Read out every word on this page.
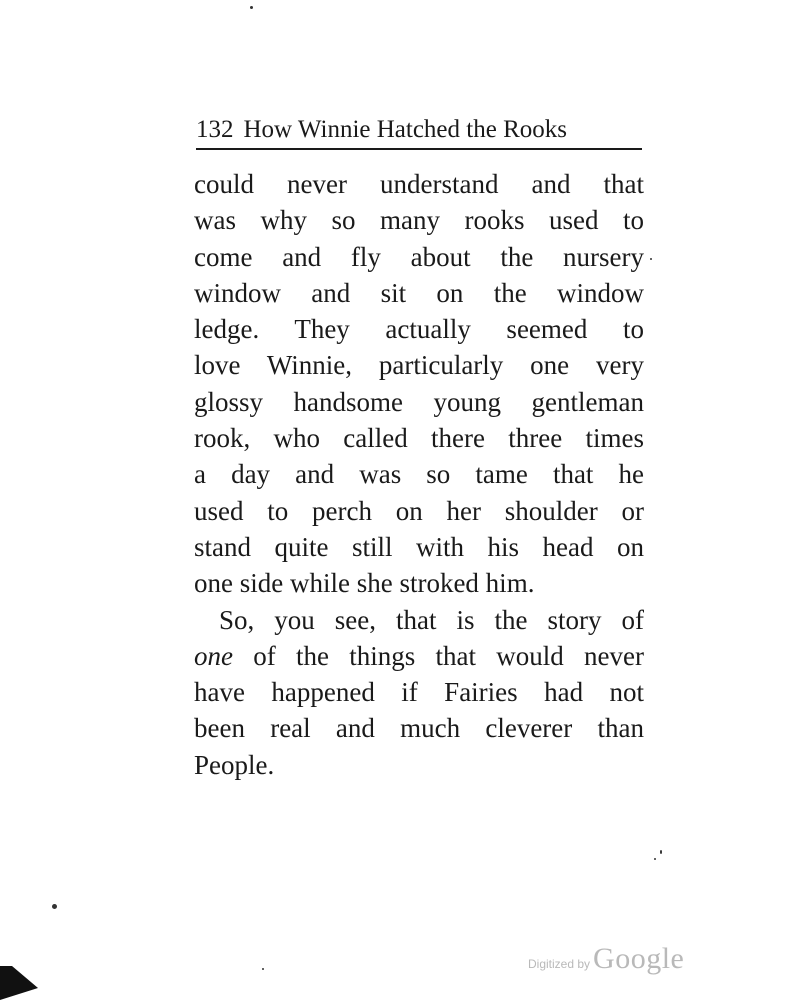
132 How Winnie Hatched the Rooks
could never understand and that
was why so many rooks used to
come and fly about the nursery
window and sit on the window
ledge. They actually seemed to
love Winnie, particularly one very
glossy handsome young gentleman
rook, who called there three times
a day and was so tame that he
used to perch on her shoulder or
stand quite still with his head on
one side while she stroked him.
So, you see, that is the story of
one of the things that would never
have happened if Fairies had not
been real and much cleverer than
People.
Digitized by Google
